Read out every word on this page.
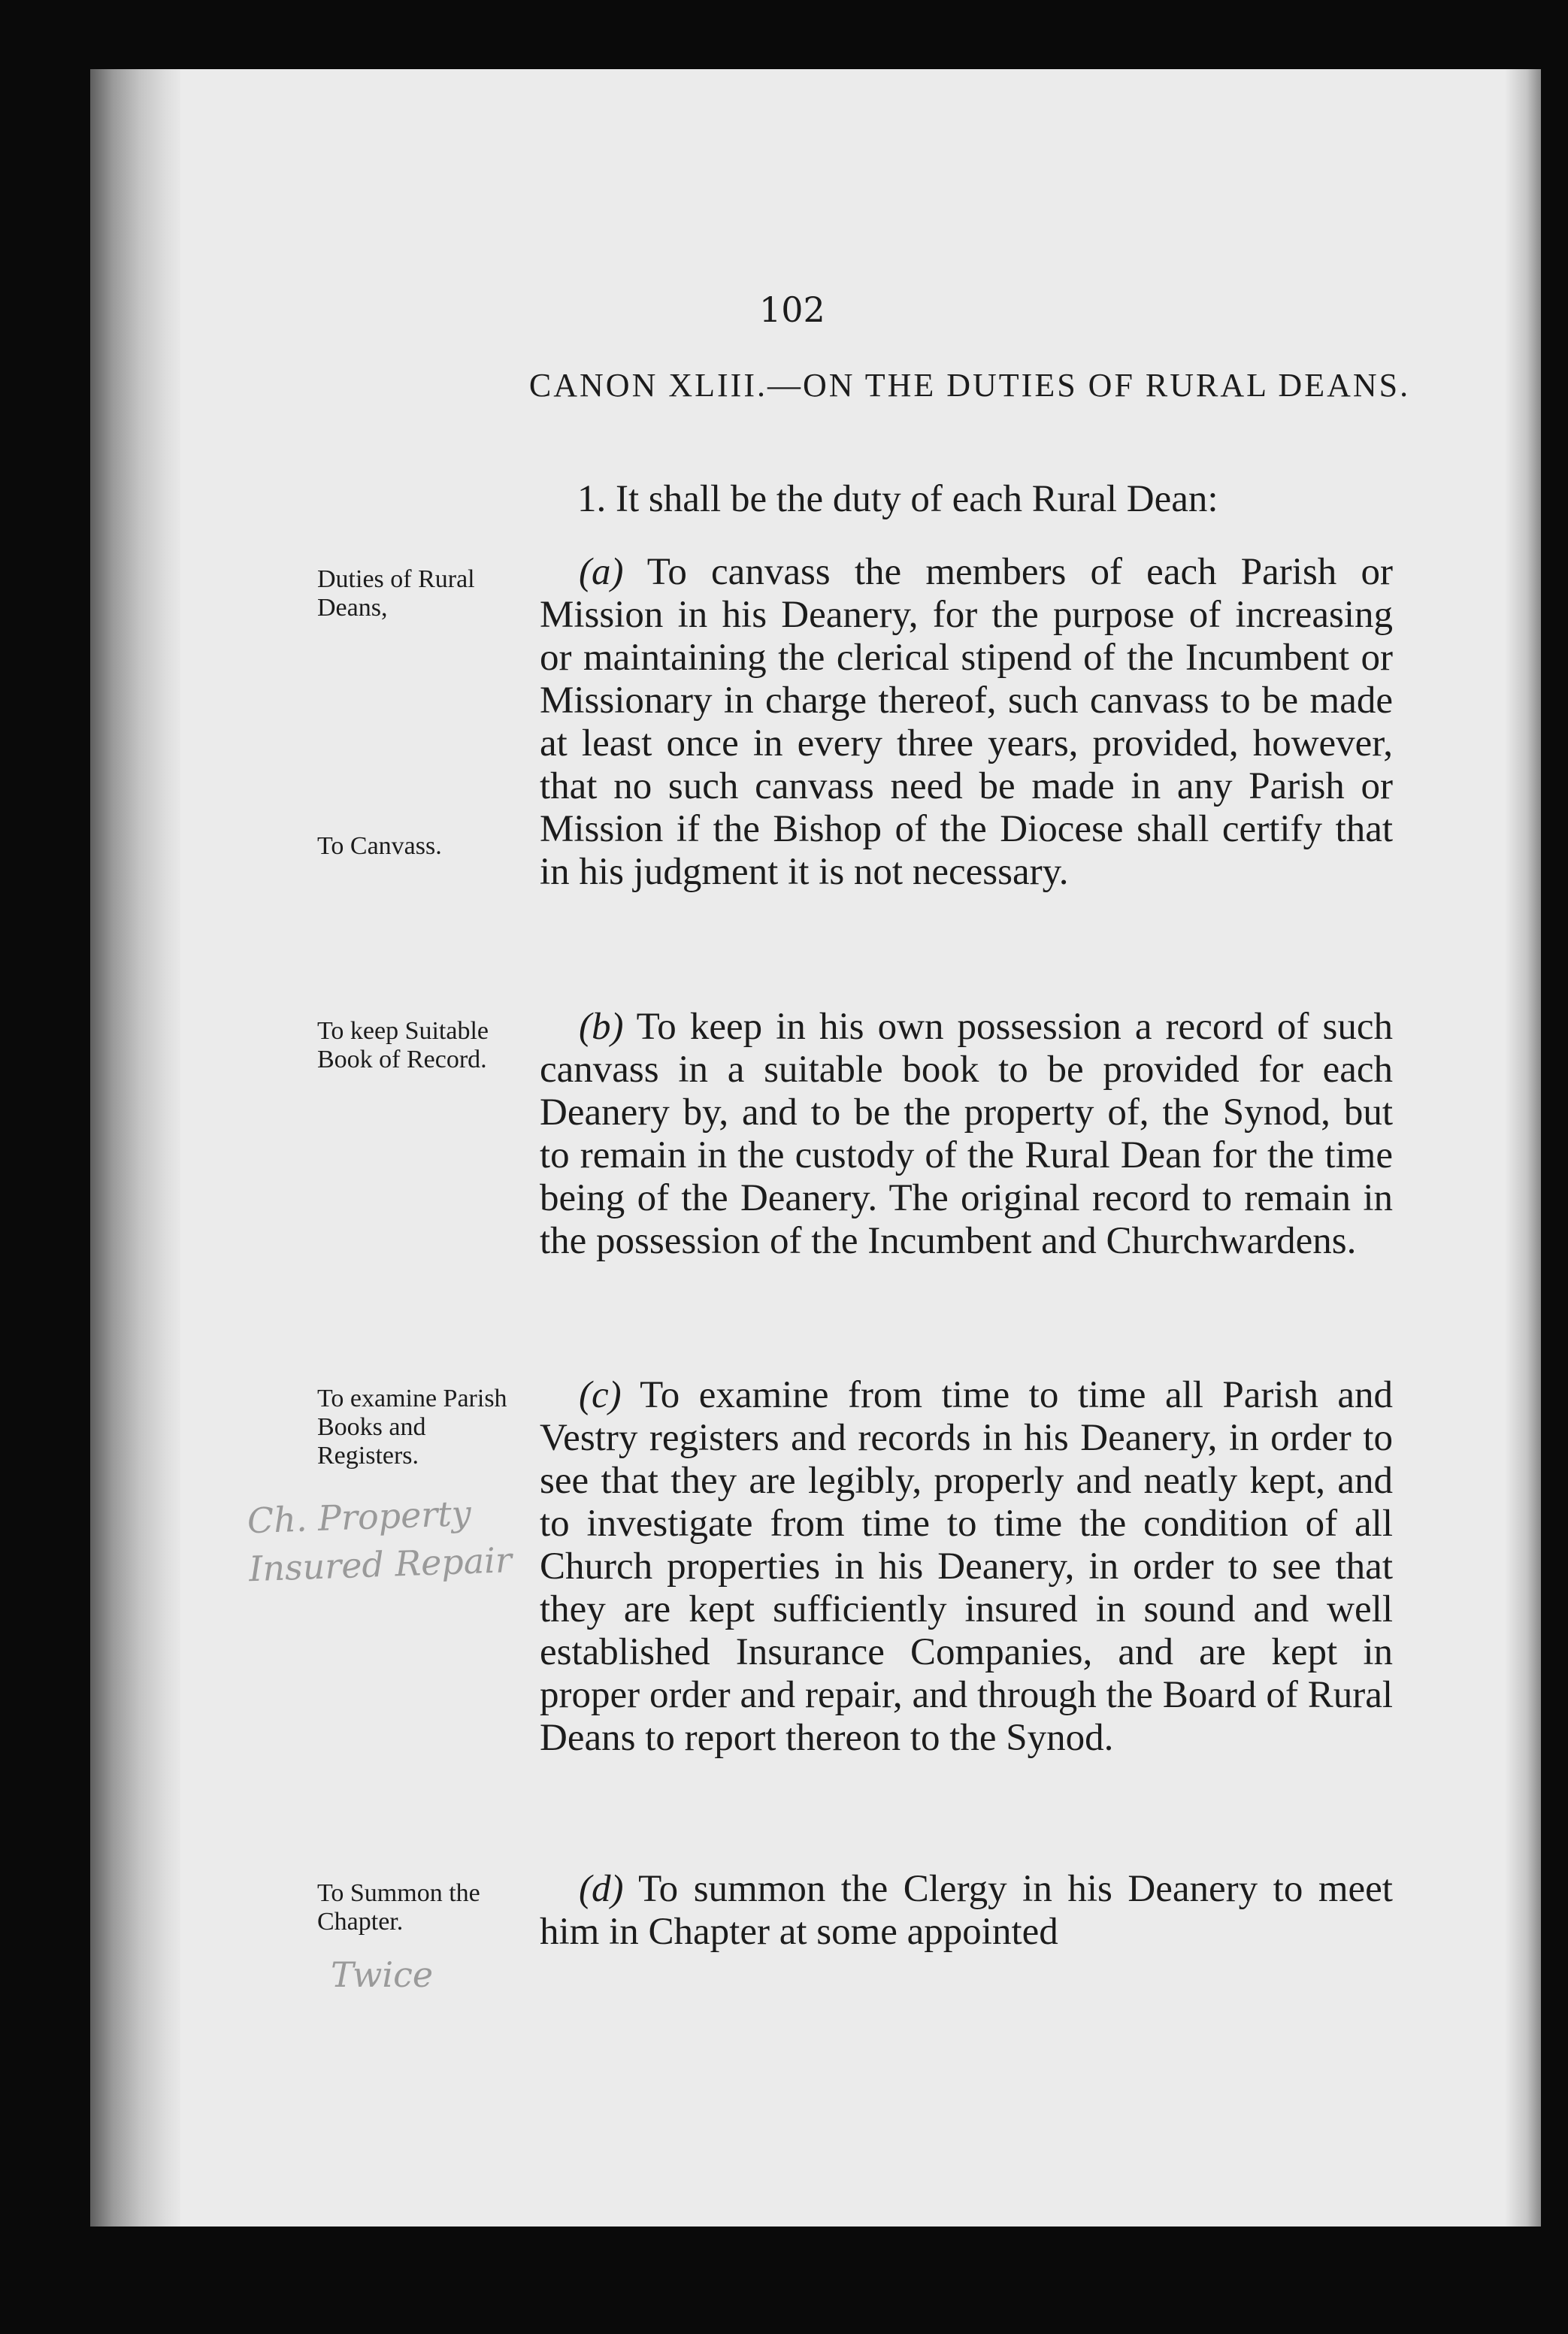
102
CANON XLIII.—ON THE DUTIES OF RURAL DEANS.
1. It shall be the duty of each Rural Dean:
(a) To canvass the members of each Parish or Mission in his Deanery, for the purpose of increasing or maintaining the clerical stipend of the Incumbent or Missionary in charge thereof, such canvass to be made at least once in every three years, provided, however, that no such canvass need be made in any Parish or Mission if the Bishop of the Diocese shall certify that in his judgment it is not necessary.
(b) To keep in his own possession a record of such canvass in a suitable book to be provided for each Deanery by, and to be the property of, the Synod, but to remain in the custody of the Rural Dean for the time being of the Deanery. The original record to remain in the possession of the Incumbent and Churchwardens.
(c) To examine from time to time all Parish and Vestry registers and records in his Deanery, in order to see that they are legibly, properly and neatly kept, and to investigate from time to time the condition of all Church properties in his Deanery, in order to see that they are kept sufficiently insured in sound and well established Insurance Companies, and are kept in proper order and repair, and through the Board of Rural Deans to report thereon to the Synod.
(d) To summon the Clergy in his Deanery to meet him in Chapter at some appointed
Duties of Rural Deans,
To Canvass.
To keep Suitable Book of Record.
To examine Parish Books and Registers.
To Summon the Chapter.
Ch. Property Insured Repair
Twice
